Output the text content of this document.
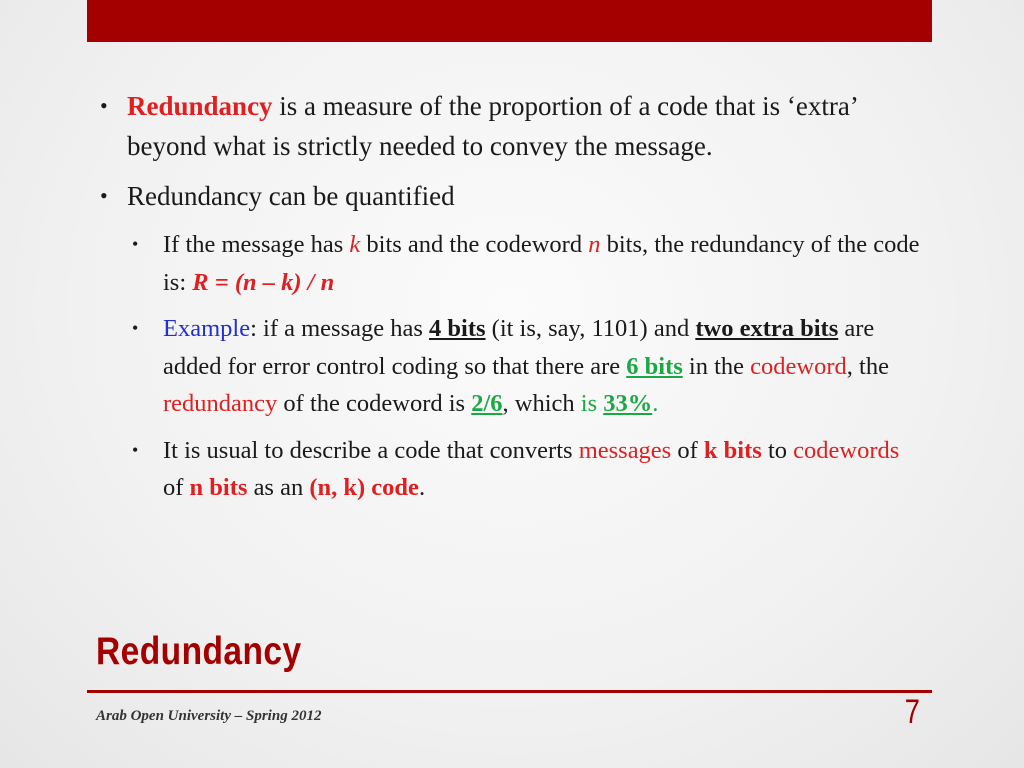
• Redundancy is a measure of the proportion of a code that is ‘extra’ beyond what is strictly needed to convey the message.
• Redundancy can be quantified
• If the message has k bits and the codeword n bits, the redundancy of the code is: R = (n – k) / n
• Example: if a message has 4 bits (it is, say, 1101) and two extra bits are added for error control coding so that there are 6 bits in the codeword, the redundancy of the codeword is 2/6, which is 33%.
• It is usual to describe a code that converts messages of k bits to codewords of n bits as an (n, k) code.
Redundancy
Arab Open University – Spring 2012	7
